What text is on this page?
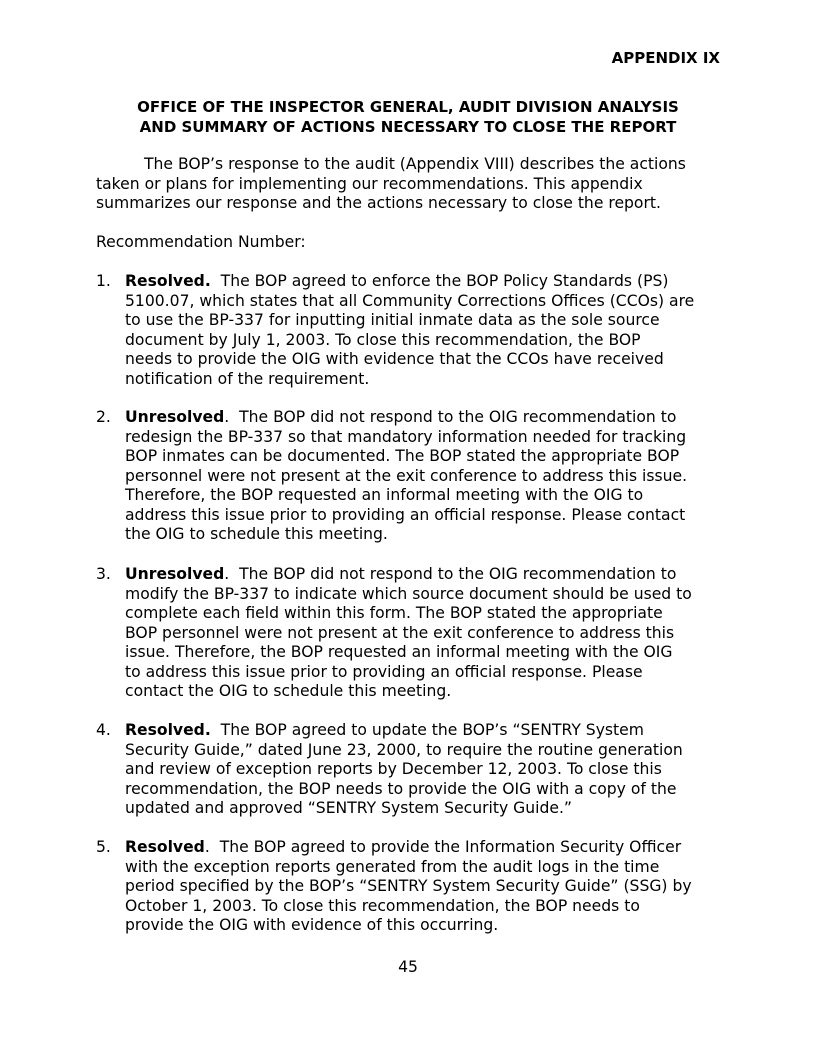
APPENDIX IX
OFFICE OF THE INSPECTOR GENERAL, AUDIT DIVISION ANALYSIS
AND SUMMARY OF ACTIONS NECESSARY TO CLOSE THE REPORT
The BOP’s response to the audit (Appendix VIII) describes the actions
taken or plans for implementing our recommendations. This appendix
summarizes our response and the actions necessary to close the report.
Recommendation Number:
1. Resolved.  The BOP agreed to enforce the BOP Policy Standards (PS)
5100.07, which states that all Community Corrections Offices (CCOs) are
to use the BP-337 for inputting initial inmate data as the sole source
document by July 1, 2003. To close this recommendation, the BOP
needs to provide the OIG with evidence that the CCOs have received
notification of the requirement.
2. Unresolved.  The BOP did not respond to the OIG recommendation to
redesign the BP-337 so that mandatory information needed for tracking
BOP inmates can be documented. The BOP stated the appropriate BOP
personnel were not present at the exit conference to address this issue.
Therefore, the BOP requested an informal meeting with the OIG to
address this issue prior to providing an official response. Please contact
the OIG to schedule this meeting.
3. Unresolved.  The BOP did not respond to the OIG recommendation to
modify the BP-337 to indicate which source document should be used to
complete each field within this form. The BOP stated the appropriate
BOP personnel were not present at the exit conference to address this
issue. Therefore, the BOP requested an informal meeting with the OIG
to address this issue prior to providing an official response. Please
contact the OIG to schedule this meeting.
4. Resolved.  The BOP agreed to update the BOP’s “SENTRY System
Security Guide,” dated June 23, 2000, to require the routine generation
and review of exception reports by December 12, 2003. To close this
recommendation, the BOP needs to provide the OIG with a copy of the
updated and approved “SENTRY System Security Guide.”
5. Resolved.  The BOP agreed to provide the Information Security Officer
with the exception reports generated from the audit logs in the time
period specified by the BOP’s “SENTRY System Security Guide” (SSG) by
October 1, 2003. To close this recommendation, the BOP needs to
provide the OIG with evidence of this occurring.
45
